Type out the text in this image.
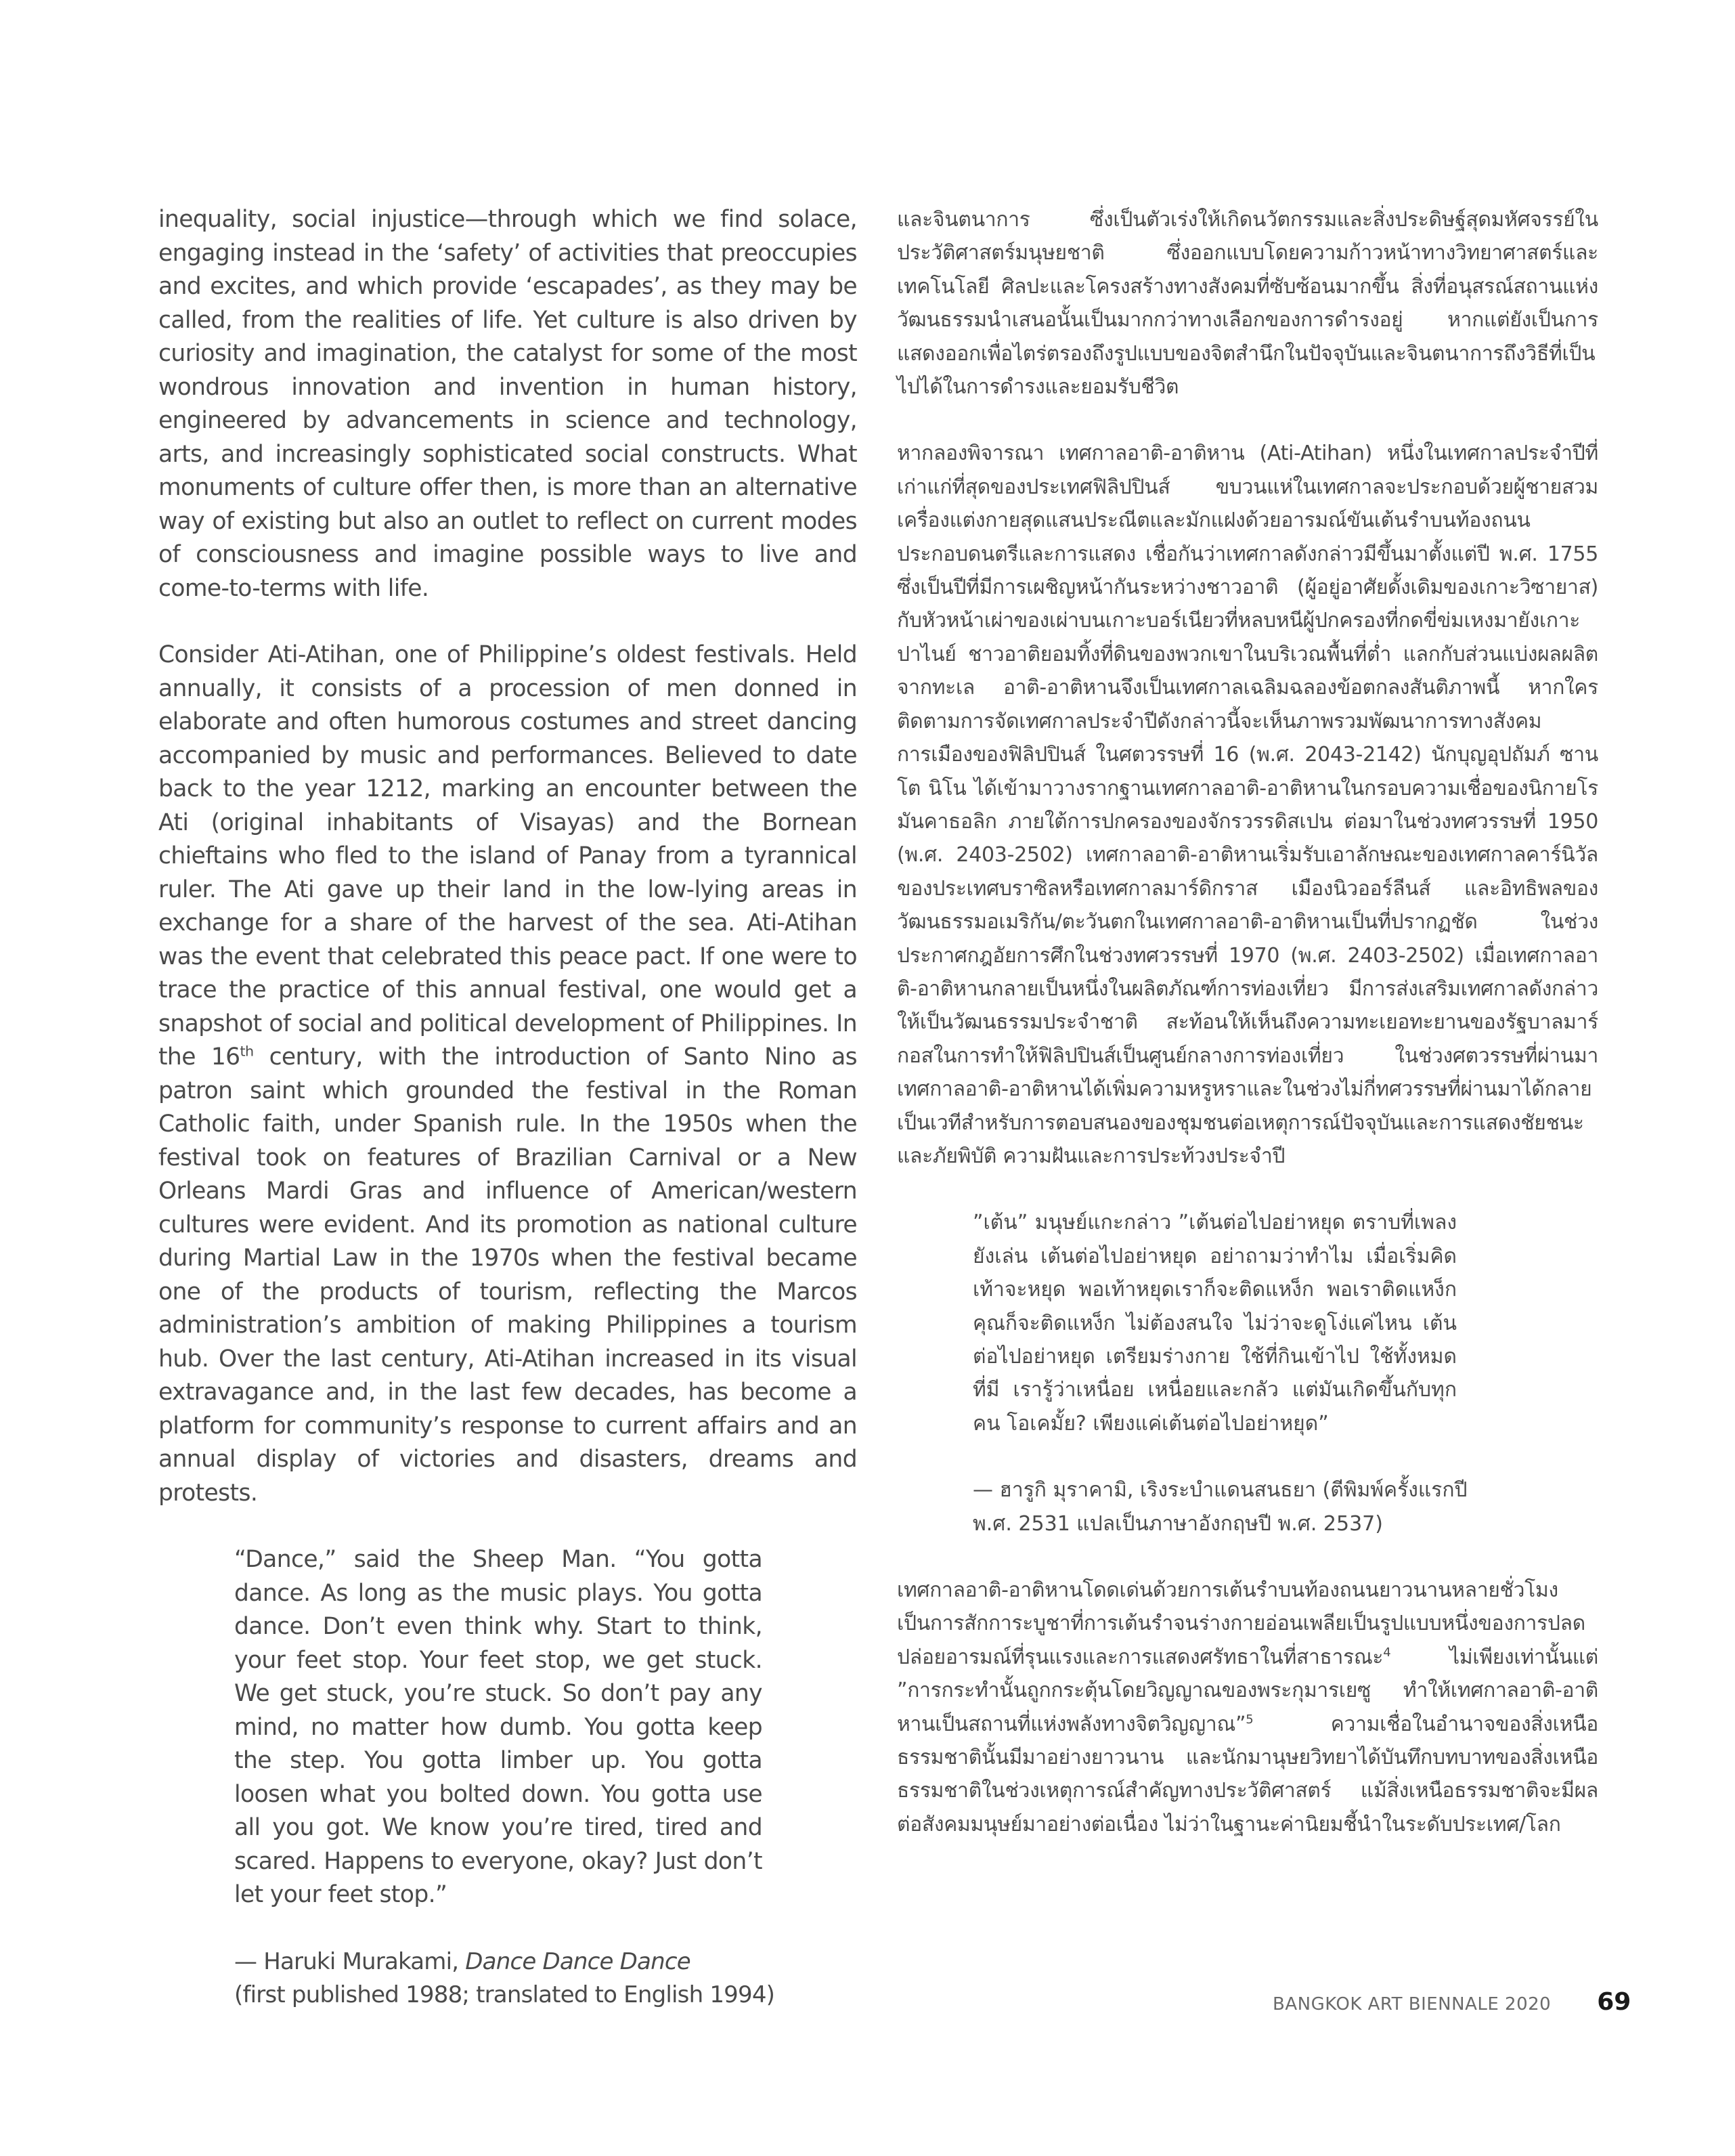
inequality, social injustice—through which we find solace, engaging instead in the ‘safety’ of activities that preoccupies and excites, and which provide ‘escapades’, as they may be called, from the realities of life. Yet culture is also driven by curiosity and imagination, the catalyst for some of the most wondrous innovation and invention in human history, engineered by advancements in science and technology, arts, and increasingly sophisticated social constructs. What monuments of culture offer then, is more than an alternative way of existing but also an outlet to reflect on current modes of consciousness and imagine possible ways to live and come-to-terms with life.

Consider Ati-Atihan, one of Philippine’s oldest festivals. Held annually, it consists of a procession of men donned in elaborate and often humorous costumes and street dancing accompanied by music and performances. Believed to date back to the year 1212, marking an encounter between the Ati (original inhabitants of Visayas) and the Bornean chieftains who fled to the island of Panay from a tyrannical ruler. The Ati gave up their land in the low-lying areas in exchange for a share of the harvest of the sea. Ati-Atihan was the event that celebrated this peace pact. If one were to trace the practice of this annual festival, one would get a snapshot of social and political development of Philippines. In the 16th century, with the introduction of Santo Nino as patron saint which grounded the festival in the Roman Catholic faith, under Spanish rule. In the 1950s when the festival took on features of Brazilian Carnival or a New Orleans Mardi Gras and influence of American/western cultures were evident. And its promotion as national culture during Martial Law in the 1970s when the festival became one of the products of tourism, reflecting the Marcos administration’s ambition of making Philippines a tourism hub. Over the last century, Ati-Atihan increased in its visual extravagance and, in the last few decades, has become a platform for community’s response to current affairs and an annual display of victories and disasters, dreams and protests.

“Dance,” said the Sheep Man. “You gotta dance. As long as the music plays. You gotta dance. Don’t even think why. Start to think, your feet stop. Your feet stop, we get stuck. We get stuck, you’re stuck. So don’t pay any mind, no matter how dumb. You gotta keep the step. You gotta limber up. You gotta loosen what you bolted down. You gotta use all you got. We know you’re tired, tired and scared. Happens to everyone, okay? Just don’t let your feet stop.”

— Haruki Murakami, Dance Dance Dance
(first published 1988; translated to English 1994)

และจินตนาการ ซึ่งเป็นตัวเร่งให้เกิดนวัตกรรมและสิ่งประดิษฐ์สุดมหัศจรรย์ในประวัติศาสตร์มนุษยชาติ ซึ่งออกแบบโดยความก้าวหน้าทางวิทยาศาสตร์และเทคโนโลยี ศิลปะและโครงสร้างทางสังคมที่ซับซ้อนมากขึ้น สิ่งที่อนุสรณ์สถานแห่งวัฒนธรรมนำเสนอนั้นเป็นมากกว่าทางเลือกของการดำรงอยู่ หากแต่ยังเป็นการแสดงออกเพื่อไตร่ตรองถึงรูปแบบของจิตสำนึกในปัจจุบันและจินตนาการถึงวิธีที่เป็นไปได้ในการดำรงและยอมรับชีวิต

หากลองพิจารณา เทศกาลอาติ-อาติหาน (Ati-Atihan) หนึ่งในเทศกาลประจำปีที่เก่าแก่ที่สุดของประเทศฟิลิปปินส์ ขบวนแห่ในเทศกาลจะประกอบด้วยผู้ชายสวมเครื่องแต่งกายสุดแสนประณีตและมักแฝงด้วยอารมณ์ขันเต้นรำบนท้องถนนประกอบดนตรีและการแสดง เชื่อกันว่าเทศกาลดังกล่าวมีขึ้นมาตั้งแต่ปี พ.ศ. 1755 ซึ่งเป็นปีที่มีการเผชิญหน้ากันระหว่างชาวอาติ (ผู้อยู่อาศัยดั้งเดิมของเกาะวิซายาส) กับหัวหน้าเผ่าของเผ่าบนเกาะบอร์เนียวที่หลบหนีผู้ปกครองที่กดขี่ข่มเหงมายังเกาะปาไนย์ ชาวอาติยอมทิ้งที่ดินของพวกเขาในบริเวณพื้นที่ต่ำ แลกกับส่วนแบ่งผลผลิตจากทะเล อาติ-อาติหานจึงเป็นเทศกาลเฉลิมฉลองข้อตกลงสันติภาพนี้ หากใครติดตามการจัดเทศกาลประจำปีดังกล่าวนี้จะเห็นภาพรวมพัฒนาการทางสังคมการเมืองของฟิลิปปินส์ ในศตวรรษที่ 16 (พ.ศ. 2043-2142) นักบุญอุปถัมภ์ ซานโต นิโน ได้เข้ามาวางรากฐานเทศกาลอาติ-อาติหานในกรอบความเชื่อของนิกายโรมันคาธอลิก ภายใต้การปกครองของจักรวรรดิสเปน ต่อมาในช่วงทศวรรษที่ 1950 (พ.ศ. 2403-2502) เทศกาลอาติ-อาติหานเริ่มรับเอาลักษณะของเทศกาลคาร์นิวัลของประเทศบราซิลหรือเทศกาลมาร์ดิกราส เมืองนิวออร์ลีนส์ และอิทธิพลของวัฒนธรรมอเมริกัน/ตะวันตกในเทศกาลอาติ-อาติหานเป็นที่ปรากฏชัด ในช่วงประกาศกฎอัยการศึกในช่วงทศวรรษที่ 1970 (พ.ศ. 2403-2502) เมื่อเทศกาลอาติ-อาติหานกลายเป็นหนึ่งในผลิตภัณฑ์การท่องเที่ยว มีการส่งเสริมเทศกาลดังกล่าวให้เป็นวัฒนธรรมประจำชาติ สะท้อนให้เห็นถึงความทะเยอทะยานของรัฐบาลมาร์กอสในการทำให้ฟิลิปปินส์เป็นศูนย์กลางการท่องเที่ยว ในช่วงศตวรรษที่ผ่านมาเทศกาลอาติ-อาติหานได้เพิ่มความหรูหราและในช่วงไม่กี่ทศวรรษที่ผ่านมาได้กลายเป็นเวทีสำหรับการตอบสนองของชุมชนต่อเหตุการณ์ปัจจุบันและการแสดงชัยชนะและภัยพิบัติ ความฝันและการประท้วงประจำปี

”เต้น” มนุษย์แกะกล่าว ”เต้นต่อไปอย่าหยุด ตราบที่เพลงยังเล่น เต้นต่อไปอย่าหยุด อย่าถามว่าทำไม เมื่อเริ่มคิดเท้าจะหยุด พอเท้าหยุดเราก็จะติดแหง็ก พอเราติดแหง็กคุณก็จะติดแหง็ก ไม่ต้องสนใจ ไม่ว่าจะดูโง่แค่ไหน เต้นต่อไปอย่าหยุด เตรียมร่างกาย ใช้ที่กินเข้าไป ใช้ทั้งหมดที่มี เรารู้ว่าเหนื่อย เหนื่อยและกลัว แต่มันเกิดขึ้นกับทุกคน โอเคมั้ย? เพียงแค่เต้นต่อไปอย่าหยุด”

— ฮารูกิ มุราคามิ, เริงระบำแดนสนธยา (ตีพิมพ์ครั้งแรกปี พ.ศ. 2531 แปลเป็นภาษาอังกฤษปี พ.ศ. 2537)

เทศกาลอาติ-อาติหานโดดเด่นด้วยการเต้นรำบนท้องถนนยาวนานหลายชั่วโมง เป็นการสักการะบูชาที่การเต้นรำจนร่างกายอ่อนเพลียเป็นรูปแบบหนึ่งของการปลดปล่อยอารมณ์ที่รุนแรงและการแสดงศรัทธาในที่สาธารณะ$^4$ ไม่เพียงเท่านั้นแต่ ”การกระทำนั้นถูกกระตุ้นโดยวิญญาณของพระกุมารเยซู ทำให้เทศกาลอาติ-อาติหานเป็นสถานที่แห่งพลังทางจิตวิญญาณ”$^5$ ความเชื่อในอำนาจของสิ่งเหนือธรรมชาตินั้นมีมาอย่างยาวนาน และนักมานุษยวิทยาได้บันทึกบทบาทของสิ่งเหนือธรรมชาติในช่วงเหตุการณ์สำคัญทางประวัติศาสตร์ แม้สิ่งเหนือธรรมชาติจะมีผลต่อสังคมมนุษย์มาอย่างต่อเนื่อง ไม่ว่าในฐานะค่านิยมชี้นำในระดับประเทศ/โลก

BANGKOK ART BIENNALE 2020 69
